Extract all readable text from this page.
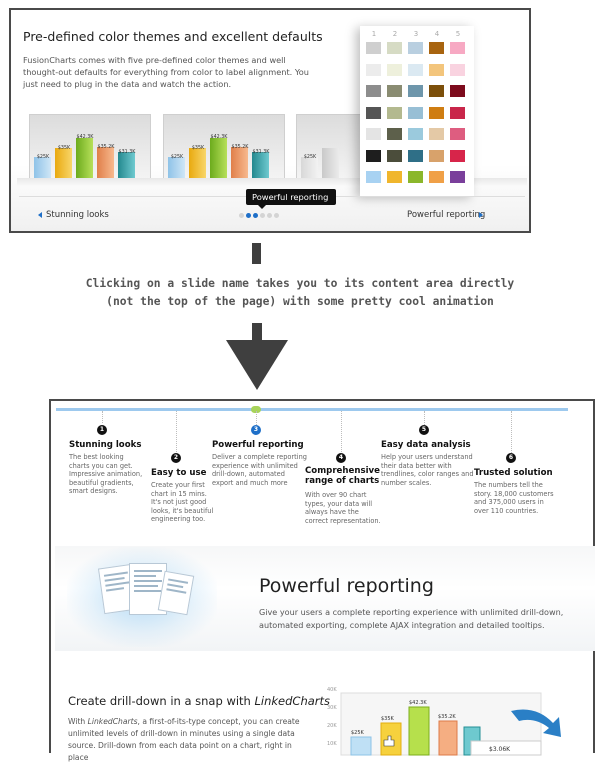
Pre-defined color themes and excellent defaults
FusionCharts comes with five pre-defined color themes and well thought-out defaults for everything from color to label alignment. You just need to plug in the data and watch the action.
$25K
$35K
$42.3K
$35.2K
$31.3K
$25K
$35K
$42.3K
$35.2K
$31.3K
$25K
1	2	3	4	5
Stunning looks	Powerful reporting
Powerful reporting
Clicking on a slide name takes you to its content area directly
(not the top of the page) with some pretty cool animation
1
Stunning looks
The best looking
charts you can get.
Impressive animation,
beautiful gradients,
smart designs.
2
Easy to use
Create your first
chart in 15 mins.
It's not just good
looks, it's beautiful
engineering too.
3
Powerful reporting
Deliver a complete reporting
experience with unlimited
drill-down, automated
export and much more
4
Comprehensive
range of charts
With over 90 chart
types, your data will
always have the
correct representation.
5
Easy data analysis
Help your users understand
their data better with
trendlines, color ranges and
number scales.
6
Trusted solution
The numbers tell the
story. 18,000 customers
and 375,000 users in
over 110 countries.
Powerful reporting
Give your users a complete reporting experience with unlimited drill-down, automated exporting, complete AJAX integration and detailed tooltips.
Create drill-down in a snap with LinkedCharts
With LinkedCharts, a first-of-its-type concept, you can create unlimited levels of drill-down in minutes using a single data source. Drill-down from each data point on a chart, right in place
40K
30K
20K
10K
$25K
$35K
$42.3K
$35.2K
$3.06K
